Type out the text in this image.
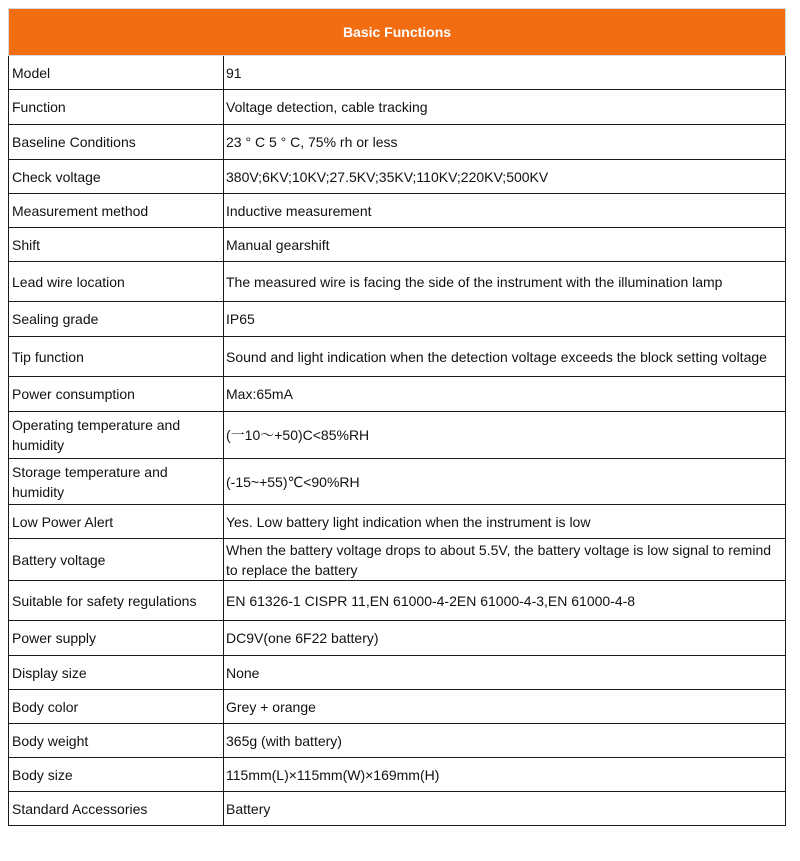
Basic Functions	
Model	91
Function	Voltage detection, cable tracking
Baseline Conditions	23 ° C 5 ° C, 75% rh or less
Check voltage	380V;6KV;10KV;27.5KV;35KV;110KV;220KV;500KV
Measurement method	Inductive measurement
Shift	Manual gearshift
Lead wire location	The measured wire is facing the side of the instrument with the illumination lamp
Sealing grade	IP65
Tip function	Sound and light indication when the detection voltage exceeds the block setting voltage
Power consumption	Max:65mA
Operating temperature and humidity	(一10～+50)C<85%RH
Storage temperature and humidity	(-15~+55)℃<90%RH
Low Power Alert	Yes. Low battery light indication when the instrument is low
Battery voltage	When the battery voltage drops to about 5.5V, the battery voltage is low signal to remind to replace the battery
Suitable for safety regulations	EN 61326-1 CISPR 11,EN 61000-4-2EN 61000-4-3,EN 61000-4-8
Power supply	DC9V(one 6F22 battery)
Display size	None
Body color	Grey + orange
Body weight	365g (with battery)
Body size	115mm(L)×115mm(W)×169mm(H)
Standard Accessories	Battery
